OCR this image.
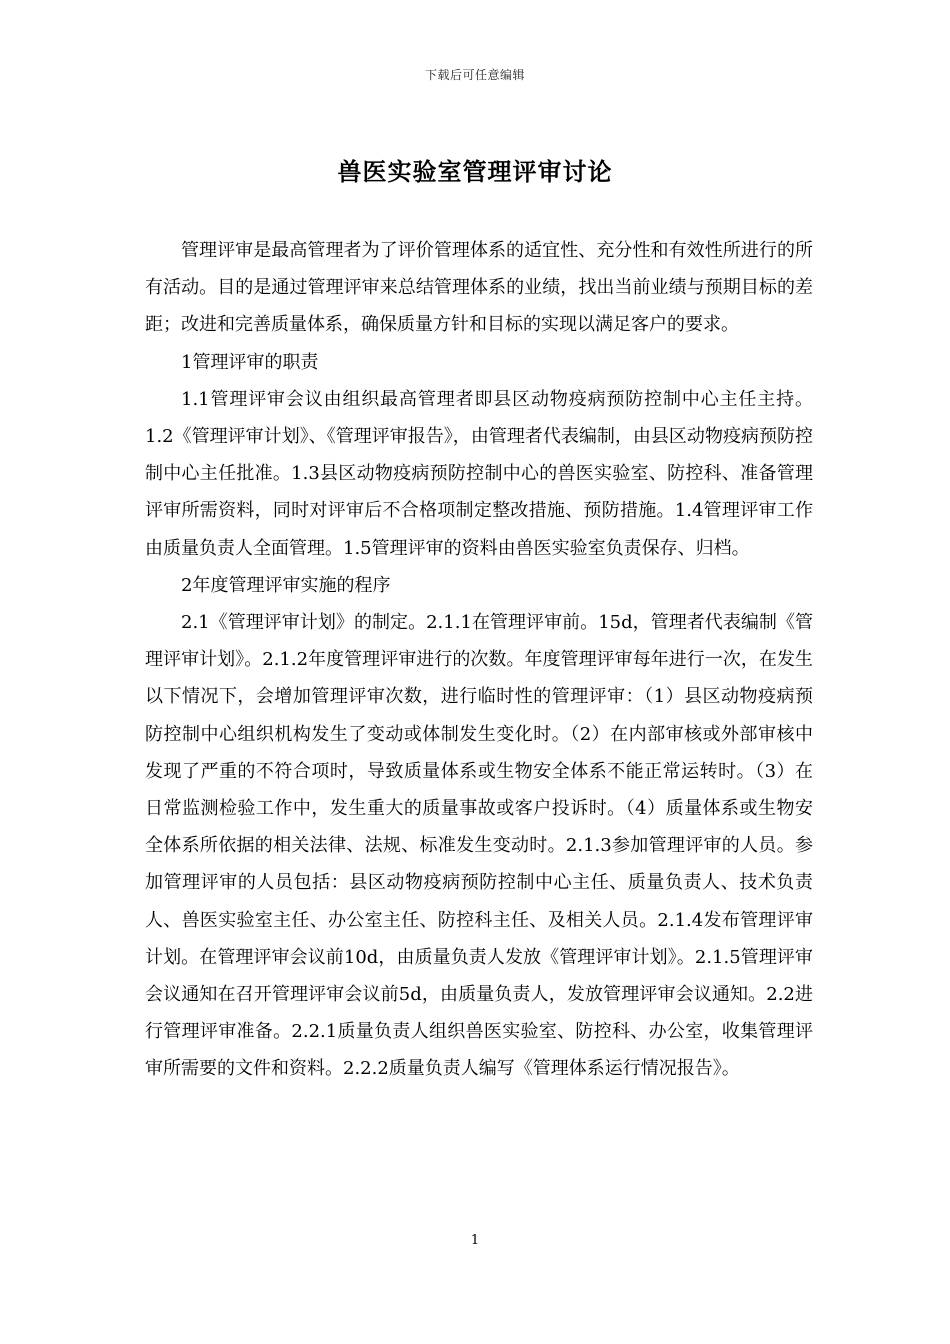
下载后可任意编辑
兽医实验室管理评审讨论

管理评审是最高管理者为了评价管理体系的适宜性、充分性和有效性所进行的所有活动。目的是通过管理评审来总结管理体系的业绩，找出当前业绩与预期目标的差距；改进和完善质量体系，确保质量方针和目标的实现以满足客户的要求。

1管理评审的职责

1.1管理评审会议由组织最高管理者即县区动物疫病预防控制中心主任主持。1.2《管理评审计划》、《管理评审报告》，由管理者代表编制，由县区动物疫病预防控制中心主任批准。1.3县区动物疫病预防控制中心的兽医实验室、防控科、准备管理评审所需资料，同时对评审后不合格项制定整改措施、预防措施。1.4管理评审工作由质量负责人全面管理。1.5管理评审的资料由兽医实验室负责保存、归档。

2年度管理评审实施的程序

2.1《管理评审计划》的制定。2.1.1在管理评审前。15d，管理者代表编制《管理评审计划》。2.1.2年度管理评审进行的次数。年度管理评审每年进行一次，在发生以下情况下，会增加管理评审次数，进行临时性的管理评审：（1）县区动物疫病预防控制中心组织机构发生了变动或体制发生变化时。（2）在内部审核或外部审核中发现了严重的不符合项时，导致质量体系或生物安全体系不能正常运转时。（3）在日常监测检验工作中，发生重大的质量事故或客户投诉时。（4）质量体系或生物安全体系所依据的相关法律、法规、标准发生变动时。2.1.3参加管理评审的人员。参加管理评审的人员包括：县区动物疫病预防控制中心主任、质量负责人、技术负责人、兽医实验室主任、办公室主任、防控科主任、及相关人员。2.1.4发布管理评审计划。在管理评审会议前10d，由质量负责人发放《管理评审计划》。2.1.5管理评审会议通知在召开管理评审会议前5d，由质量负责人，发放管理评审会议通知。2.2进行管理评审准备。2.2.1质量负责人组织兽医实验室、防控科、办公室，收集管理评审所需要的文件和资料。2.2.2质量负责人编写《管理体系运行情况报告》。

1
